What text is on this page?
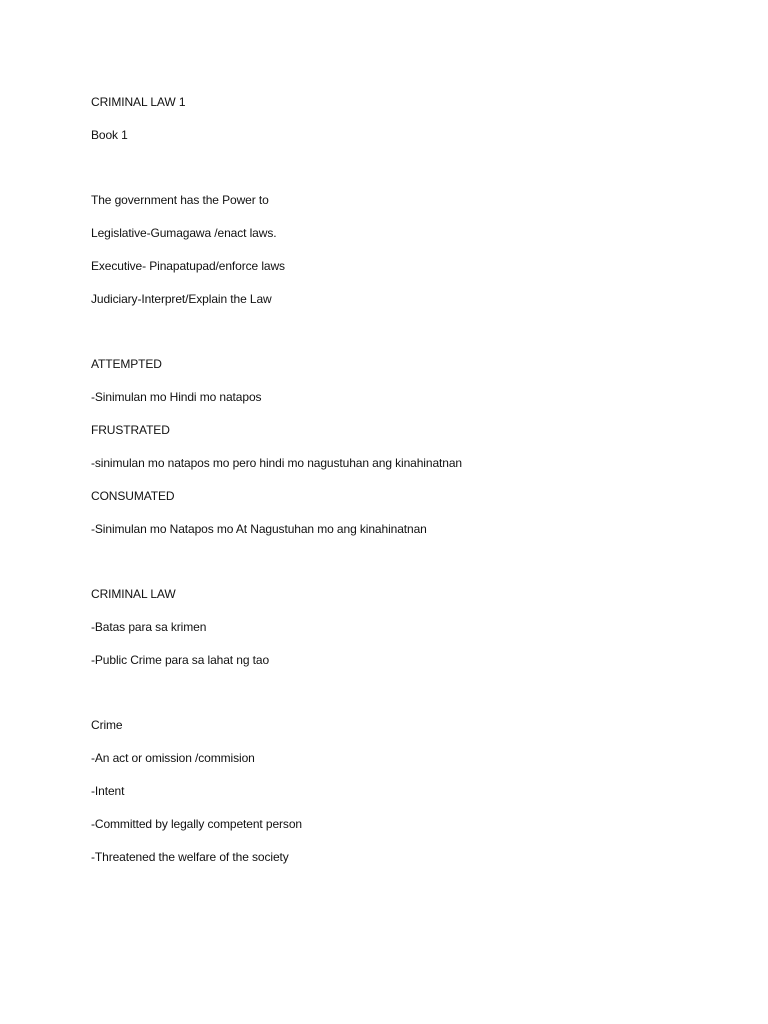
CRIMINAL LAW 1
Book 1
The government has the Power to
Legislative-Gumagawa /enact laws.
Executive- Pinapatupad/enforce laws
Judiciary-Interpret/Explain the Law
ATTEMPTED
-Sinimulan mo Hindi mo natapos
FRUSTRATED
-sinimulan mo natapos mo pero hindi mo nagustuhan ang kinahinatnan
CONSUMATED
-Sinimulan mo Natapos mo At Nagustuhan mo ang kinahinatnan
CRIMINAL LAW
-Batas para sa krimen
-Public Crime para sa lahat ng tao
Crime
-An act or omission /commision
-Intent
-Committed by legally competent person
-Threatened the welfare of the society
